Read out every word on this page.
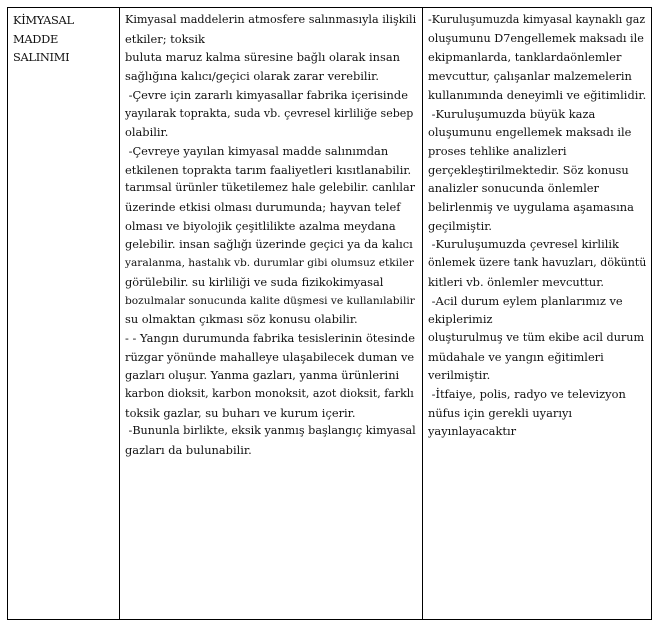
KİMYASAL
MADDE
SALINIMI
Kimyasal maddelerin atmosfere salınmasıyla ilişkili
etkiler; toksik
buluta maruz kalma süresine bağlı olarak insan
sağlığına kalıcı/geçici olarak zarar verebilir.
-Çevre için zararlı kimyasallar fabrika içerisinde
yayılarak toprakta, suda vb. çevresel kirliliğe sebep
olabilir.
-Çevreye yayılan kimyasal madde salınımdan
etkilenen toprakta tarım faaliyetleri kısıtlanabilir.
tarımsal ürünler tüketilemez hale gelebilir. canlılar
üzerinde etkisi olması durumunda; hayvan telef
olması ve biyolojik çeşitlilikte azalma meydana
gelebilir. insan sağlığı üzerinde geçici ya da kalıcı
yaralanma, hastalık vb. durumlar gibi olumsuz etkiler
görülebilir. su kirliliği ve suda fizikokimyasal
bozulmalar sonucunda kalite düşmesi ve kullanılabilir
su olmaktan çıkması söz konusu olabilir.
- - Yangın durumunda fabrika tesislerinin ötesinde
rüzgar yönünde mahalleye ulaşabilecek duman ve
gazları oluşur. Yanma gazları, yanma ürünlerini
karbon dioksit, karbon monoksit, azot dioksit, farklı
toksik gazlar, su buharı ve kurum içerir.
-Bununla birlikte, eksik yanmış başlangıç kimyasal
gazları da bulunabilir.
-Kuruluşumuzda kimyasal kaynaklı gaz
oluşumunu D7engellemek maksadı ile
ekipmanlarda, tanklardaönlemler
mevcuttur, çalışanlar malzemelerin
kullanımında deneyimli ve eğitimlidir.
-Kuruluşumuzda büyük kaza
oluşumunu engellemek maksadı ile
proses tehlike analizleri
gerçekleştirilmektedir. Söz konusu
analizler sonucunda önlemler
belirlenmiş ve uygulama aşamasına
geçilmiştir.
-Kuruluşumuzda çevresel kirlilik
önlemek üzere tank havuzları, döküntü
kitleri vb. önlemler mevcuttur.
-Acil durum eylem planlarımız ve
ekiplerimiz
oluşturulmuş ve tüm ekibe acil durum
müdahale ve yangın eğitimleri
verilmiştir.
-İtfaiye, polis, radyo ve televizyon
nüfus için gerekli uyarıyı
yayınlayacaktır
